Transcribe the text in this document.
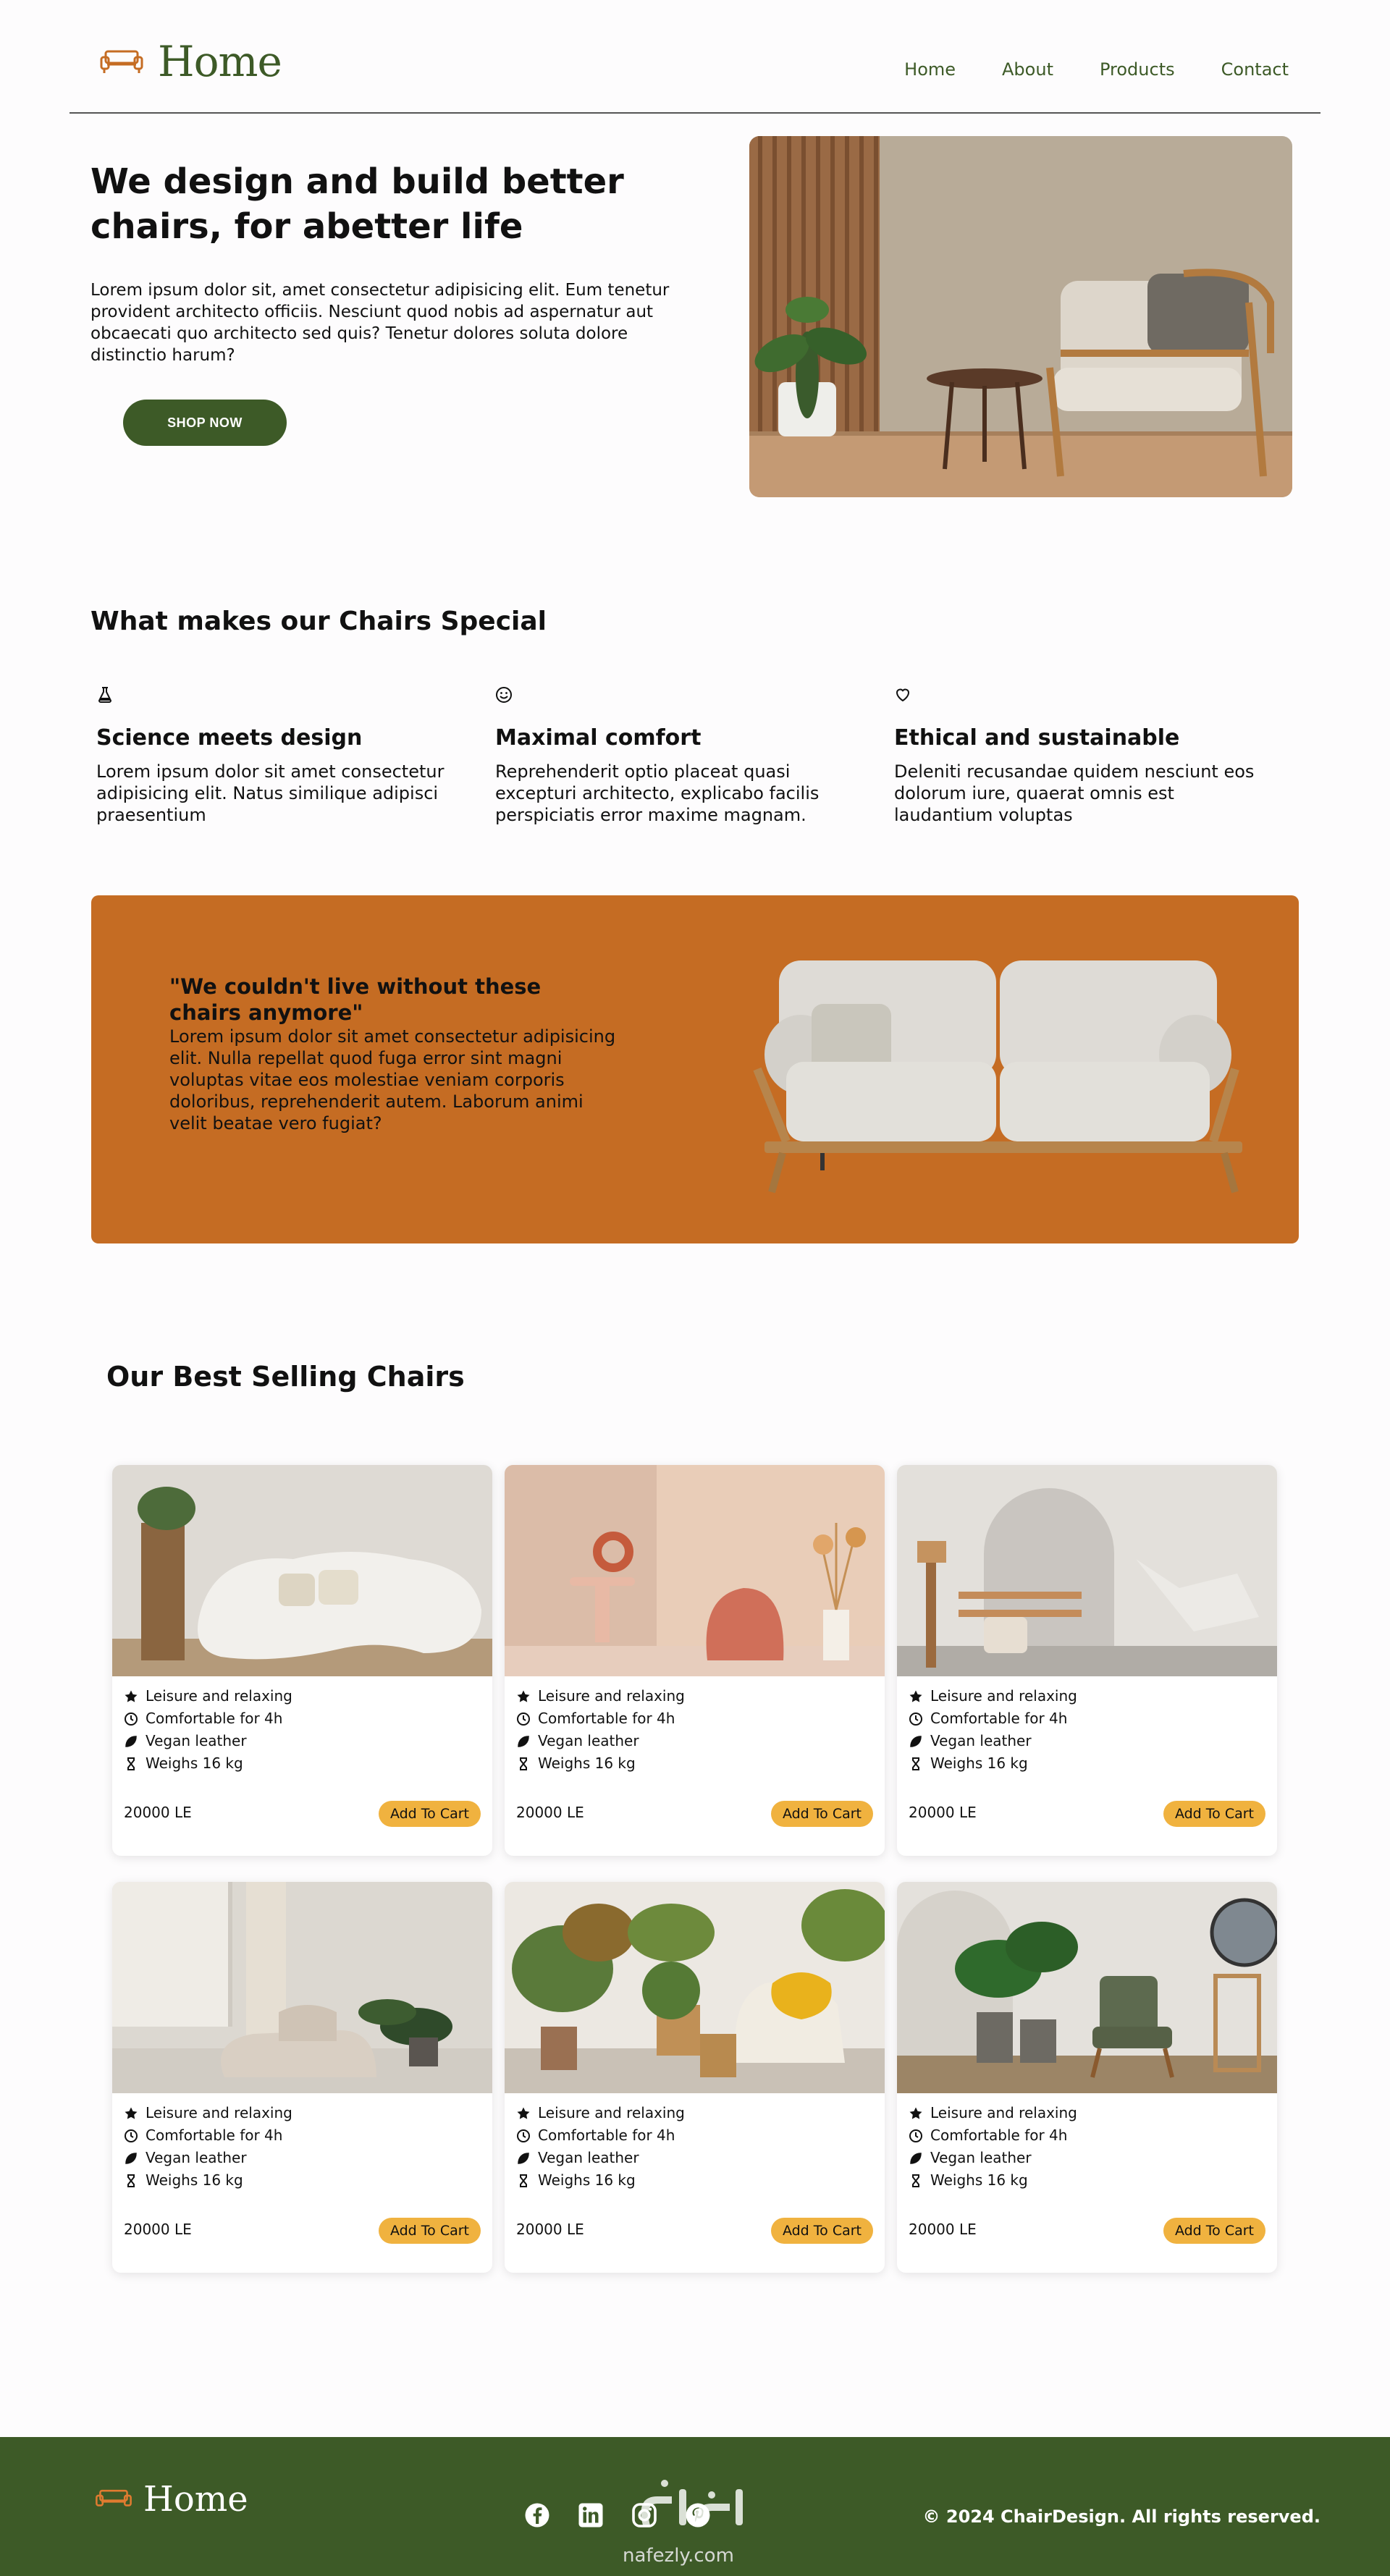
Home	Home	About	Products	Contact
We design and build better chairs, for abetter life

Lorem ipsum dolor sit, amet consectetur adipisicing elit. Eum tenetur provident architecto officiis. Nesciunt quod nobis ad aspernatur aut obcaecati quo architecto sed quis? Tenetur dolores soluta dolore distinctio harum?

SHOP NOW
What makes our Chairs Special
Science meets design

Lorem ipsum dolor sit amet consectetur adipisicing elit. Natus similique adipisci praesentium

Maximal comfort

Reprehenderit optio placeat quasi excepturi architecto, explicabo facilis perspiciatis error maxime magnam.

Ethical and sustainable

Deleniti recusandae quidem nesciunt eos dolorum iure, quaerat omnis est laudantium voluptas

"We couldn't live without these chairs anymore"
Lorem ipsum dolor sit amet consectetur adipisicing elit. Nulla repellat quod fuga error sint magni voluptas vitae eos molestiae veniam corporis doloribus, reprehenderit autem. Laborum animi velit beatae vero fugiat?
Our Best Selling Chairs
Leisure and relaxing
Comfortable for 4h
Vegan leather
Weighs 16 kg
20000 LE	Add To Cart
Leisure and relaxing
Comfortable for 4h
Vegan leather
Weighs 16 kg
20000 LE	Add To Cart
Leisure and relaxing
Comfortable for 4h
Vegan leather
Weighs 16 kg
20000 LE	Add To Cart
Leisure and relaxing
Comfortable for 4h
Vegan leather
Weighs 16 kg
20000 LE	Add To Cart
Leisure and relaxing
Comfortable for 4h
Vegan leather
Weighs 16 kg
20000 LE	Add To Cart
Leisure and relaxing
Comfortable for 4h
Vegan leather
Weighs 16 kg
20000 LE	Add To Cart
Home
nafezly.com
© 2024 ChairDesign. All rights reserved.
